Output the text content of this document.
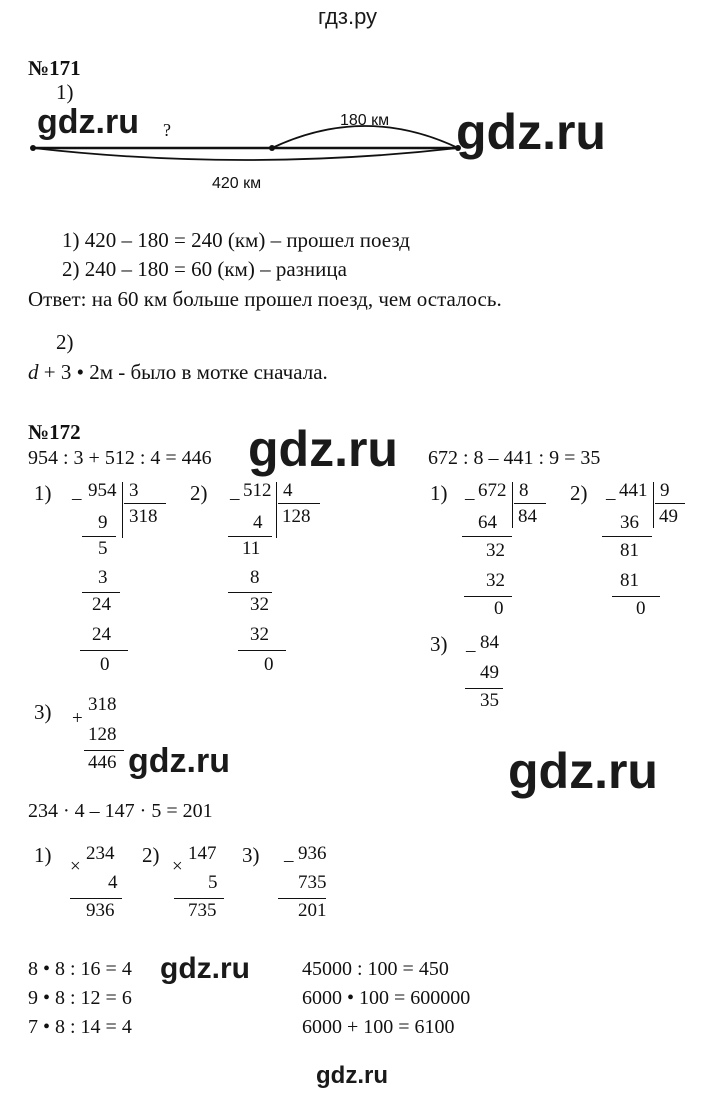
гдз.ру
№171
1)
?	180 км
420 км
gdz.ru	gdz.ru
1) 420 – 180 = 240 (км) – прошел поезд
2) 240 – 180 = 60 (км) – разница
Ответ: на 60 км больше прошел поезд, чем осталось.
2)
d + 3 • 2м - было в мотке сначала.
№172
954 : 3 + 512 : 4 = 446 gdz.ru 672 : 8 – 441 : 9 = 35
1) – 954 3
318
9
5
3
24
24
0
2) – 512 4
128
4
11
8
32
32
0
1) – 672 8
84
64
32
32
0
2) – 441 9
49
36
81
81
0
3) – 84
49
35
3) +
318
128
446 gdz.ru	gdz.ru
234 · 4 – 147 · 5 = 201
1) ×
234
4
936
2) ×
147
5
735
3) – 936
735
201
8 • 8 : 16 = 4
9 • 8 : 12 = 6
7 • 8 : 14 = 4
gdz.ru	45000 : 100 = 450
6000 • 100 = 600000
6000 + 100 = 6100
gdz.ru
